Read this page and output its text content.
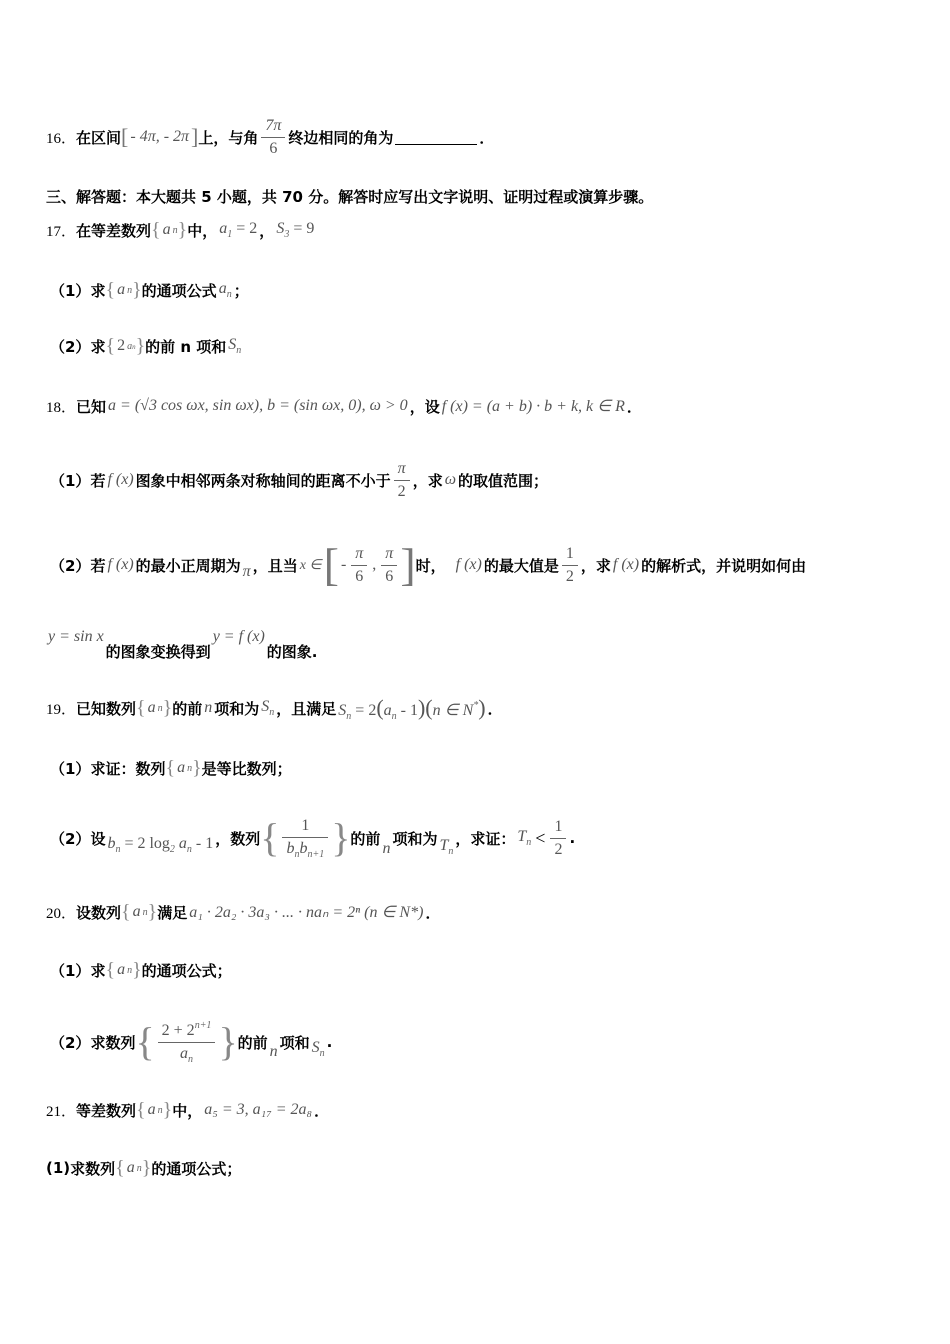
16． 在区间 [ - 4π, - 2π ] 上，与角 $\frac{7\pi}{6}$ 终边相同的角为	．
三、解答题：本大题共 5 小题，共 70 分。解答时应写出文字说明、证明过程或演算步骤。
17． 在等差数列 { a n } 中， $a_1 = 2$ ， $S_3 = 9$
（1） 求 { a n } 的通项公式 $a_n$ ；
（2） 求 { 2 an } 的前 n 项和 $S_n$
18． 已知 a = (√3 cos ωx, sin ωx), b = (sin ωx, 0), ω > 0 ，设 f (x) = (a + b) · b + k, k ∈ R ．
（1） 若 f (x) 图象中相邻两条对称轴间的距离不小于 $\frac{\pi}{2}$ ，求 ω 的取值范围；
（2） 若 f (x) 的最小正周期为 π ，且当 x ∈ [ - $\frac{\pi}{6}$ , $\frac{\pi}{6}$ ] 时， f (x) 的最大值是 $\frac{1}{2}$ ，求 f (x) 的解析式，并说明如何由
y = sin x
的图象变换得到
y = f (x)
的图象.
19． 已知数列 { a n } 的前 n 项和为 $S_n$ ，且满足 $S_n = 2(a_n - 1)(n$ ∈ N*) ．
（1） 求证：数列 { a n } 是等比数列；
（2） 设 $b_n = 2$ $\log_2 a_n - 1$ ，数列 { $\frac{1}{b_nb_{n+1}}$ } 的前
n
项和为 $T_n$
，求证： $T_n < \frac{1}{2}$ .
20． 设数列 { a n } 满足 a₁ · 2a₂ · 3a₃ · ... · naₙ = 2ⁿ (n ∈ N*) ．
（1） 求 { a n } 的通项公式；
（2） 求数列 { $\frac{2 + 2^{n+1}}{a_n}$ } 的前 n 项和 $S_n$
.
21． 等差数列 { a n } 中， a₅ = 3, a₁₇ = 2a₈ ．
(1) 求数列 { a n } 的通项公式；
